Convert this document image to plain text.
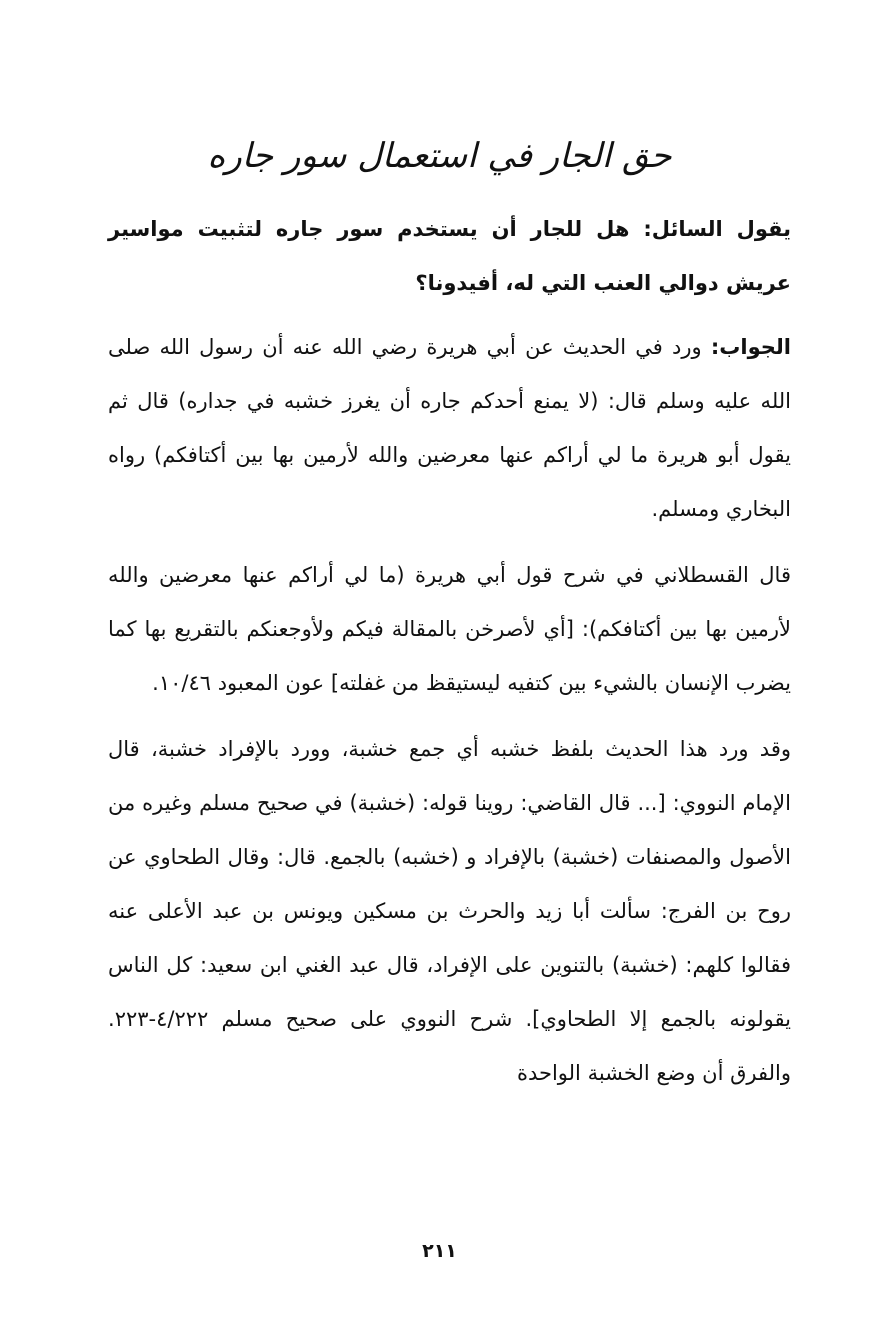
حق الجار في استعمال سور جاره

يقول السائل: هل للجار أن يستخدم سور جاره لتثبيت مواسير عريش دوالي العنب التي له، أفيدونا؟

الجواب: ورد في الحديث عن أبي هريرة رضي الله عنه أن رسول الله صلى الله عليه وسلم قال: (لا يمنع أحدكم جاره أن يغرز خشبه في جداره) قال ثم يقول أبو هريرة ما لي أراكم عنها معرضين والله لأرمين بها بين أكتافكم) رواه البخاري ومسلم.

قال القسطلاني في شرح قول أبي هريرة (ما لي أراكم عنها معرضين والله لأرمين بها بين أكتافكم): [أي لأصرخن بالمقالة فيكم ولأوجعنكم بالتقريع بها كما يضرب الإنسان بالشيء بين كتفيه ليستيقظ من غفلته] عون المعبود ١٠/٤٦.

وقد ورد هذا الحديث بلفظ خشبه أي جمع خشبة، وورد بالإفراد خشبة، قال الإمام النووي: [... قال القاضي: روينا قوله: (خشبة) في صحيح مسلم وغيره من الأصول والمصنفات (خشبة) بالإفراد و (خشبه) بالجمع. قال: وقال الطحاوي عن روح بن الفرج: سألت أبا زيد والحرث بن مسكين ويونس بن عبد الأعلى عنه فقالوا كلهم: (خشبة) بالتنوين على الإفراد، قال عبد الغني ابن سعيد: كل الناس يقولونه بالجمع إلا الطحاوي]. شرح النووي على صحيح مسلم ٤/٢٢٢-٢٢٣. والفرق أن وضع الخشبة الواحدة

٢١١
